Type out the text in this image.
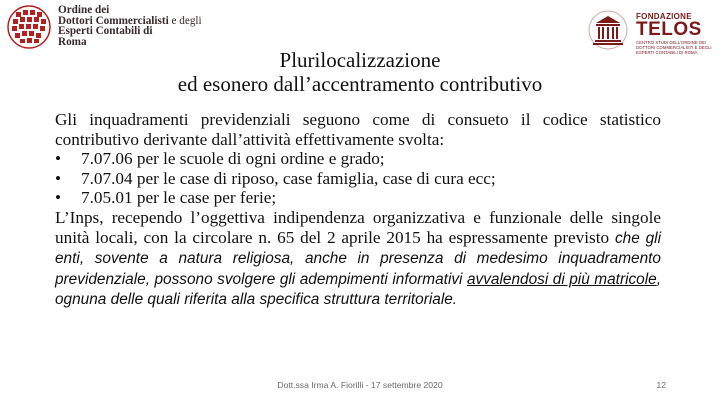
Ordine dei
Dottori Commercialisti e degli
Esperti Contabili di
Roma
FONDAZIONE
TELOS
CENTRO STUDI DELL'ORDINE DEI DOTTORI COMMERCIALISTI E DEGLI ESPERTI CONTABILI DI ROMA
Plurilocalizzazione
ed esonero dall’accentramento contributivo

Gli inquadramenti previdenziali seguono come di consueto il codice statistico contributivo derivante dall’attività effettivamente svolta:

• 7.07.06 per le scuole di ogni ordine e grado;
• 7.07.04 per le case di riposo, case famiglia, case di cura ecc;
• 7.05.01 per le case per ferie;

L’Inps, recependo l’oggettiva indipendenza organizzativa e funzionale delle singole unità locali, con la circolare n. 65 del 2 aprile 2015 ha espressamente previsto che gli enti, sovente a natura religiosa, anche in presenza di medesimo inquadramento previdenziale, possono svolgere gli adempimenti informativi avvalendosi di più matricole, ognuna delle quali riferita alla specifica struttura territoriale.

Dott.ssa Irma A. Fiorilli - 17 settembre 2020	12
